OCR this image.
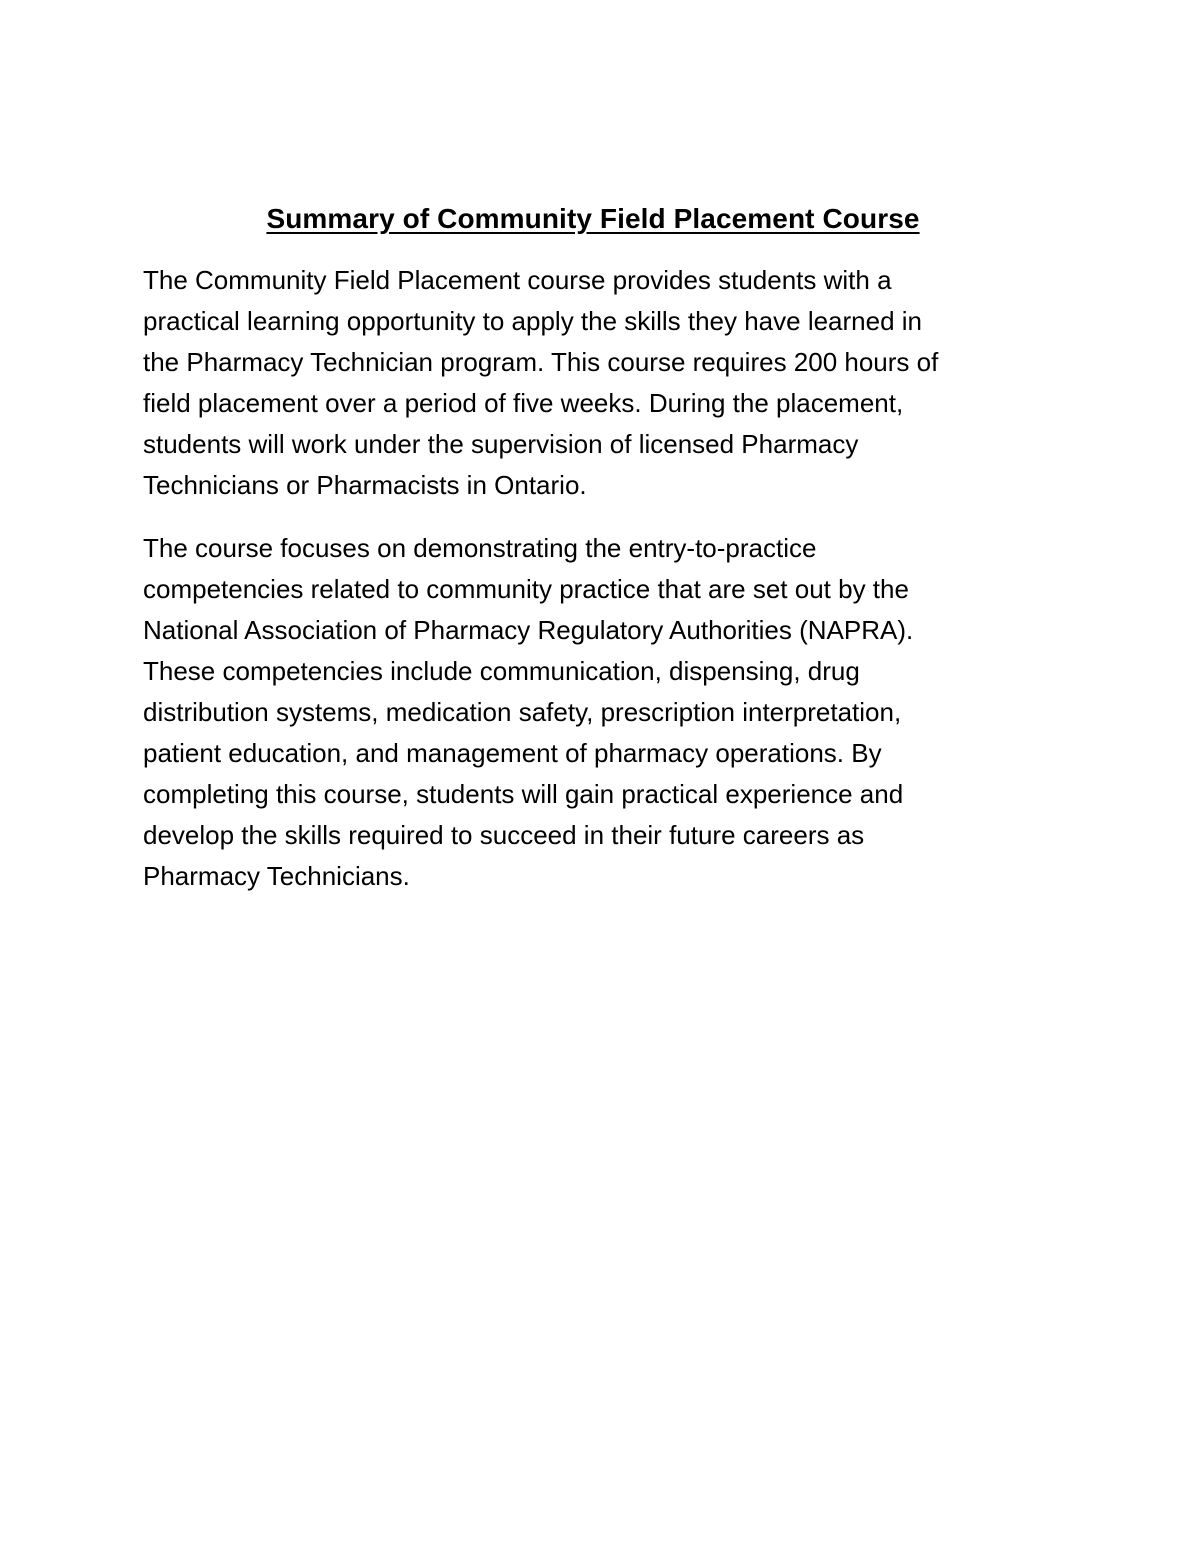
Summary of Community Field Placement Course

The Community Field Placement course provides students with a
practical learning opportunity to apply the skills they have learned in
the Pharmacy Technician program. This course requires 200 hours of
field placement over a period of five weeks. During the placement,
students will work under the supervision of licensed Pharmacy
Technicians or Pharmacists in Ontario.

The course focuses on demonstrating the entry-to-practice
competencies related to community practice that are set out by the
National Association of Pharmacy Regulatory Authorities (NAPRA).
These competencies include communication, dispensing, drug
distribution systems, medication safety, prescription interpretation,
patient education, and management of pharmacy operations. By
completing this course, students will gain practical experience and
develop the skills required to succeed in their future careers as
Pharmacy Technicians.
